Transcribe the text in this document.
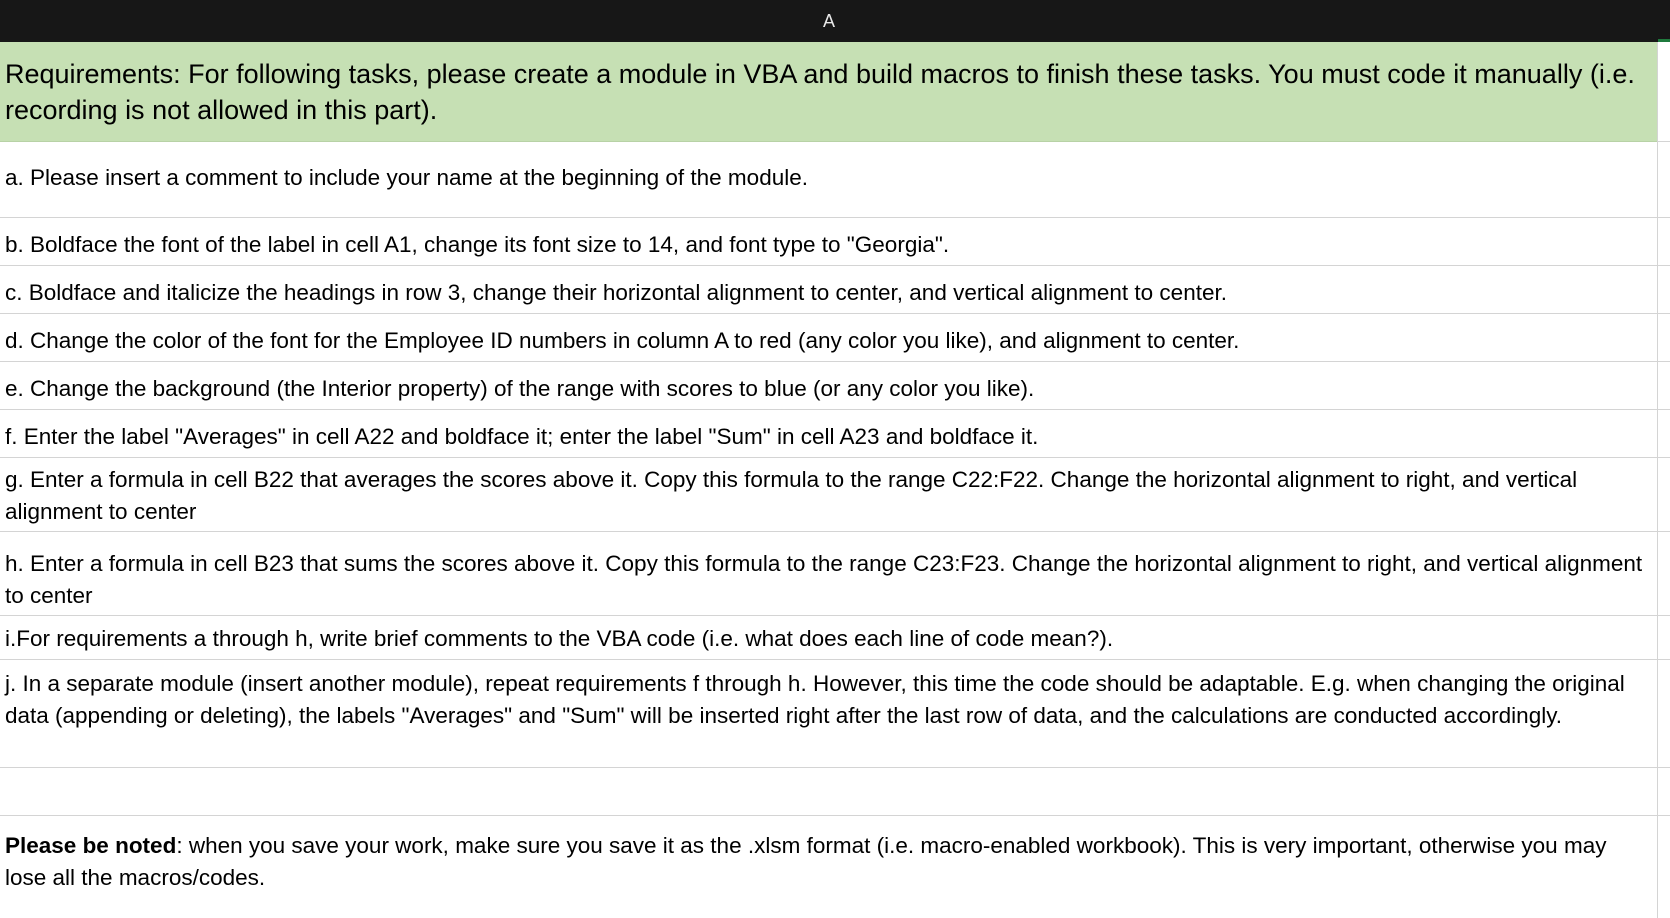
A
Requirements: For following tasks, please create a module in VBA and build macros to finish these tasks. You must code it manually (i.e. recording is not allowed in this part).
a. Please insert a comment to include your name at the beginning of the module.
b. Boldface the font of the label in cell A1, change its font size to 14, and font type to "Georgia".
c. Boldface and italicize the headings in row 3, change their horizontal alignment to center, and vertical alignment to center.
d. Change the color of the font for the Employee ID numbers in column A to red (any color you like), and alignment to center.
e. Change the background (the Interior property) of the range with scores to blue (or any color you like).
f. Enter the label "Averages" in cell A22 and boldface it; enter the label "Sum" in cell A23 and boldface it.
g. Enter a formula in cell B22 that averages the scores above it. Copy this formula to the range C22:F22. Change the horizontal alignment to right, and vertical alignment to center
h. Enter a formula in cell B23 that sums the scores above it. Copy this formula to the range C23:F23. Change the horizontal alignment to right, and vertical alignment to center
i.For requirements a through h, write brief comments to the VBA code (i.e. what does each line of code mean?).
j. In a separate module (insert another module), repeat requirements f through h. However, this time the code should be adaptable. E.g. when changing the original data (appending or deleting), the labels "Averages" and "Sum" will be inserted right after the last row of data, and the calculations are conducted accordingly.
Please be noted: when you save your work, make sure you save it as the .xlsm format (i.e. macro-enabled workbook). This is very important, otherwise you may lose all the macros/codes.
